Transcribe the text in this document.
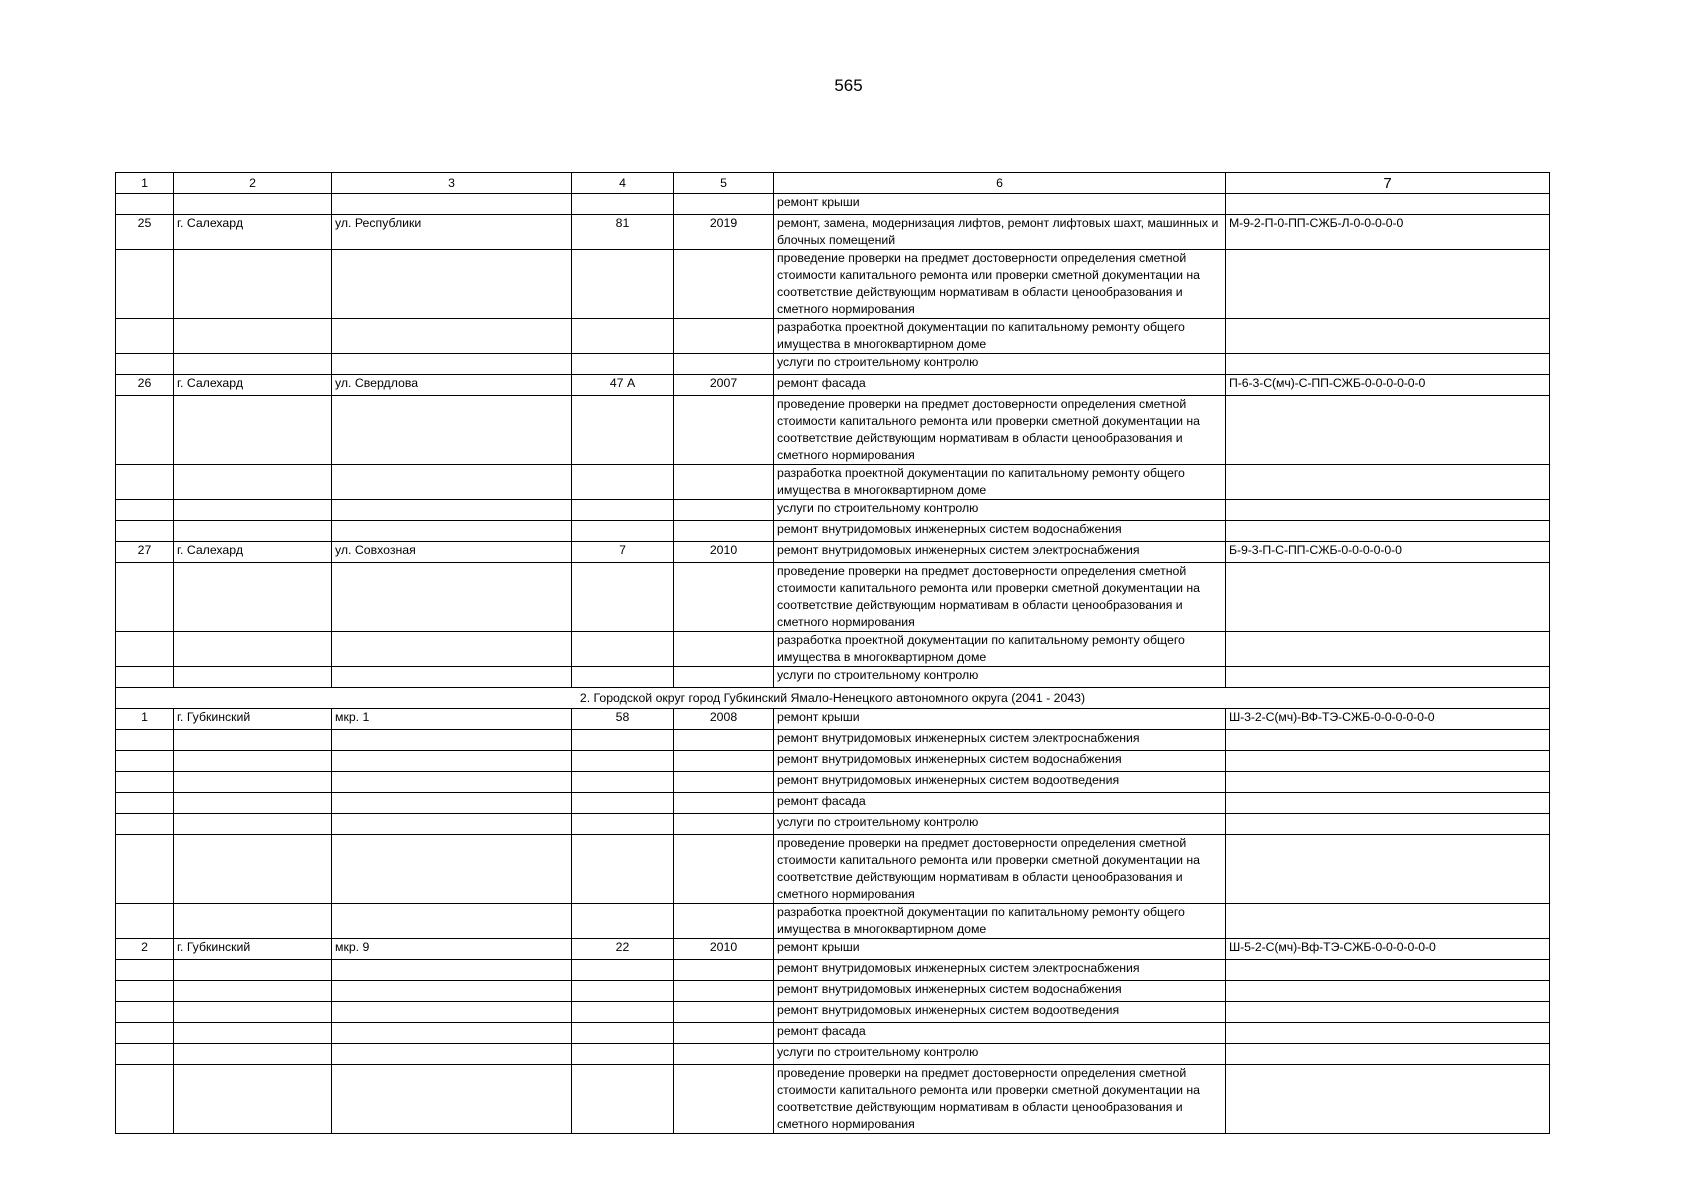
565
1	2	3	4	5	6	7
					ремонт крыши	
25	г. Салехард	ул. Республики	81	2019	ремонт, замена, модернизация лифтов, ремонт лифтовых шахт, машинных и блочных помещений	М-9-2-П-0-ПП-СЖБ-Л-0-0-0-0-0
					проведение проверки на предмет достоверности определения сметной стоимости капитального ремонта или проверки сметной документации на соответствие действующим нормативам в области ценообразования и сметного нормирования	
					разработка проектной документации по капитальному ремонту общего имущества в многоквартирном доме	
					услуги по строительному контролю	
26	г. Салехард	ул. Свердлова	47 А	2007	ремонт фасада	П-6-3-С(мч)-С-ПП-СЖБ-0-0-0-0-0-0
					проведение проверки на предмет достоверности определения сметной стоимости капитального ремонта или проверки сметной документации на соответствие действующим нормативам в области ценообразования и сметного нормирования	
					разработка проектной документации по капитальному ремонту общего имущества в многоквартирном доме	
					услуги по строительному контролю	
					ремонт внутридомовых инженерных систем водоснабжения	
27	г. Салехард	ул. Совхозная	7	2010	ремонт внутридомовых инженерных систем электроснабжения	Б-9-3-П-С-ПП-СЖБ-0-0-0-0-0-0
					проведение проверки на предмет достоверности определения сметной стоимости капитального ремонта или проверки сметной документации на соответствие действующим нормативам в области ценообразования и сметного нормирования	
					разработка проектной документации по капитальному ремонту общего имущества в многоквартирном доме	
					услуги по строительному контролю	
2. Городской округ город Губкинский Ямало-Ненецкого автономного округа (2041 - 2043)						
1	г. Губкинский	мкр. 1	58	2008	ремонт крыши	Ш-3-2-С(мч)-ВФ-ТЭ-СЖБ-0-0-0-0-0-0
					ремонт внутридомовых инженерных систем электроснабжения	
					ремонт внутридомовых инженерных систем водоснабжения	
					ремонт внутридомовых инженерных систем водоотведения	
					ремонт фасада	
					услуги по строительному контролю	
					проведение проверки на предмет достоверности определения сметной стоимости капитального ремонта или проверки сметной документации на соответствие действующим нормативам в области ценообразования и сметного нормирования	
					разработка проектной документации по капитальному ремонту общего имущества в многоквартирном доме	
2	г. Губкинский	мкр. 9	22	2010	ремонт крыши	Ш-5-2-С(мч)-Вф-ТЭ-СЖБ-0-0-0-0-0-0
					ремонт внутридомовых инженерных систем электроснабжения	
					ремонт внутридомовых инженерных систем водоснабжения	
					ремонт внутридомовых инженерных систем водоотведения	
					ремонт фасада	
					услуги по строительному контролю	
					проведение проверки на предмет достоверности определения сметной стоимости капитального ремонта или проверки сметной документации на соответствие действующим нормативам в области ценообразования и сметного нормирования	
